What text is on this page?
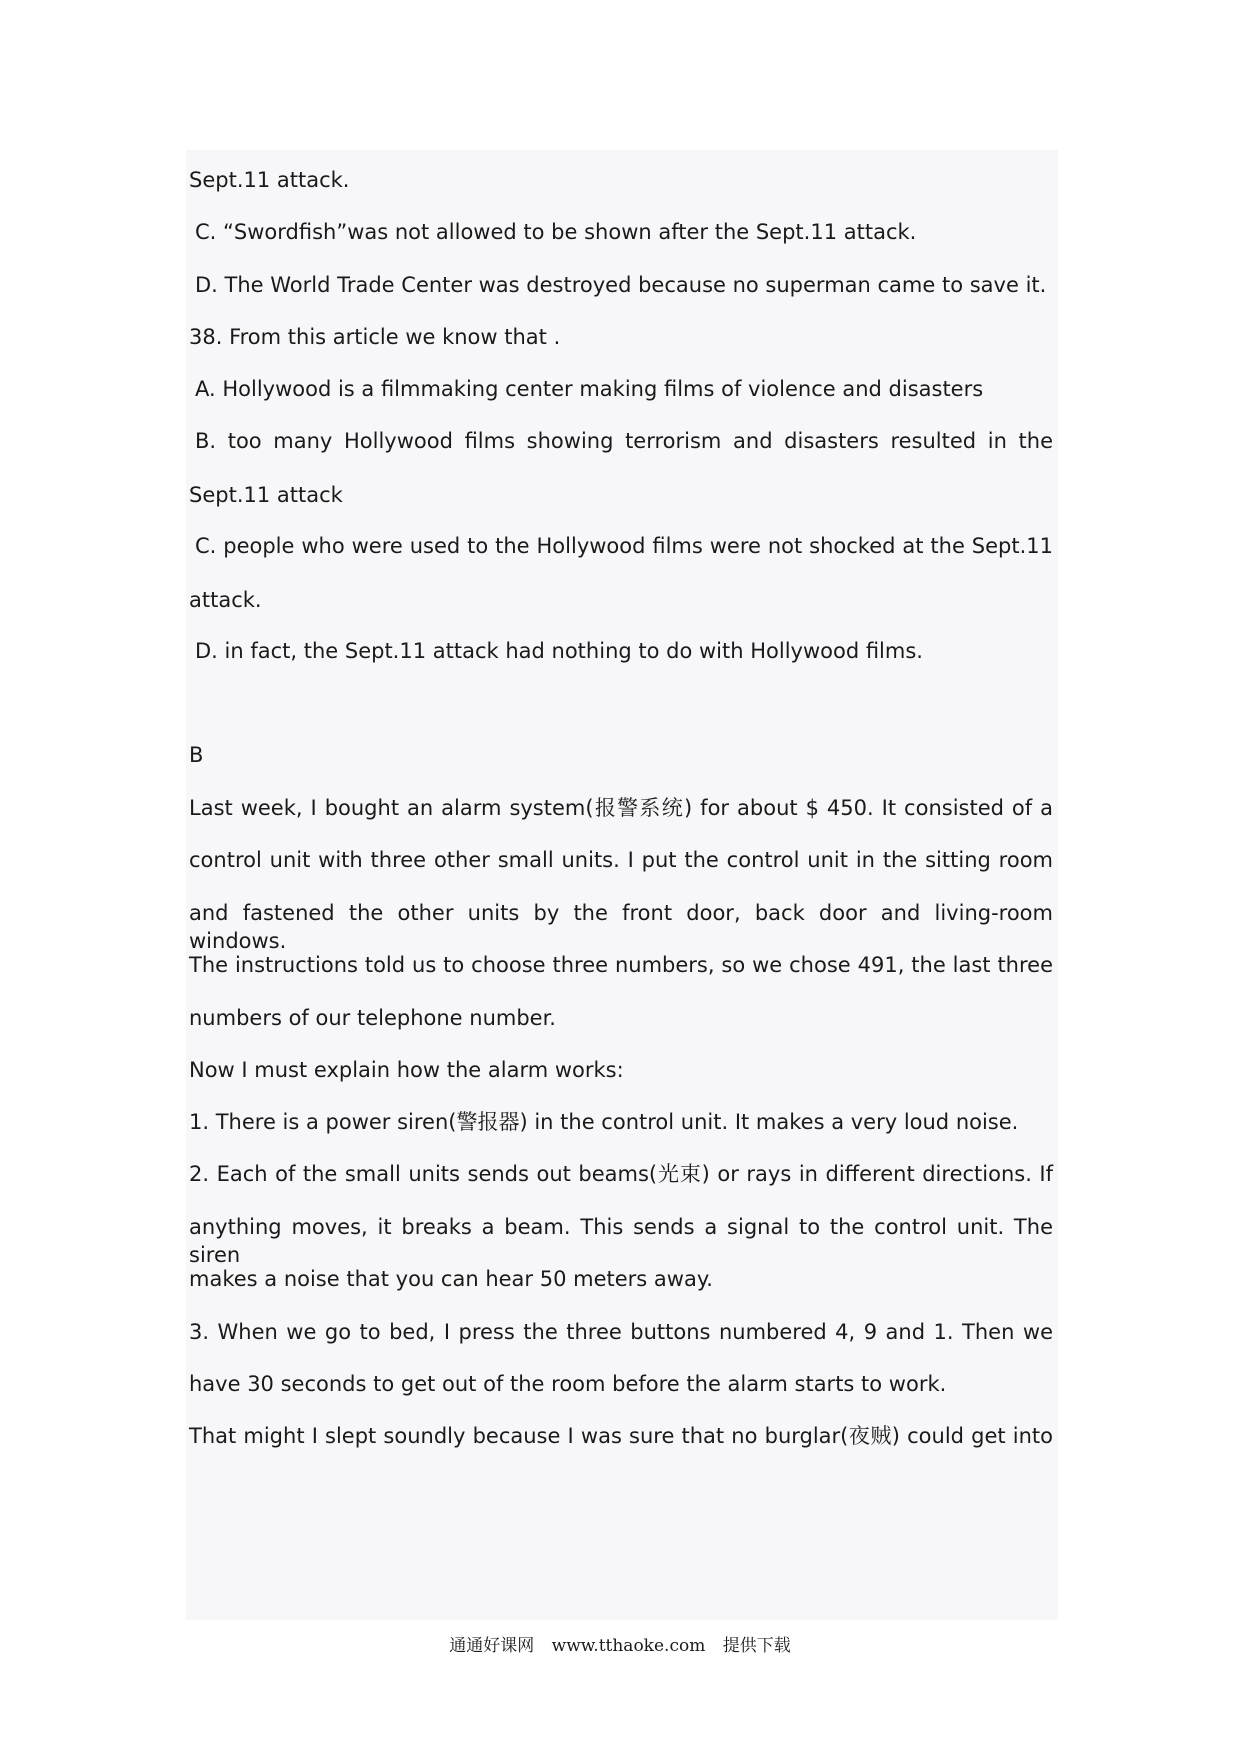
Sept.11 attack.
C. “Swordfish”was not allowed to be shown after the Sept.11 attack.
D. The World Trade Center was destroyed because no superman came to save it.
38. From this article we know that .
A. Hollywood is a filmmaking center making films of violence and disasters
B. too many Hollywood films showing terrorism and disasters resulted in the
Sept.11 attack
C. people who were used to the Hollywood films were not shocked at the Sept.11
attack.
D. in fact, the Sept.11 attack had nothing to do with Hollywood films.
B
Last week, I bought an alarm system(报警系统) for about $ 450. It consisted of a
control unit with three other small units. I put the control unit in the sitting room
and fastened the other units by the front door, back door and living-room windows.
The instructions told us to choose three numbers, so we chose 491, the last three
numbers of our telephone number.
Now I must explain how the alarm works:
1. There is a power siren(警报器) in the control unit. It makes a very loud noise.
2. Each of the small units sends out beams(光束) or rays in different directions. If
anything moves, it breaks a beam. This sends a signal to the control unit. The siren
makes a noise that you can hear 50 meters away.
3. When we go to bed, I press the three buttons numbered 4, 9 and 1. Then we
have 30 seconds to get out of the room before the alarm starts to work.
That might I slept soundly because I was sure that no burglar(夜贼) could get into
通通好课网 www.tthaoke.com 提供下载
